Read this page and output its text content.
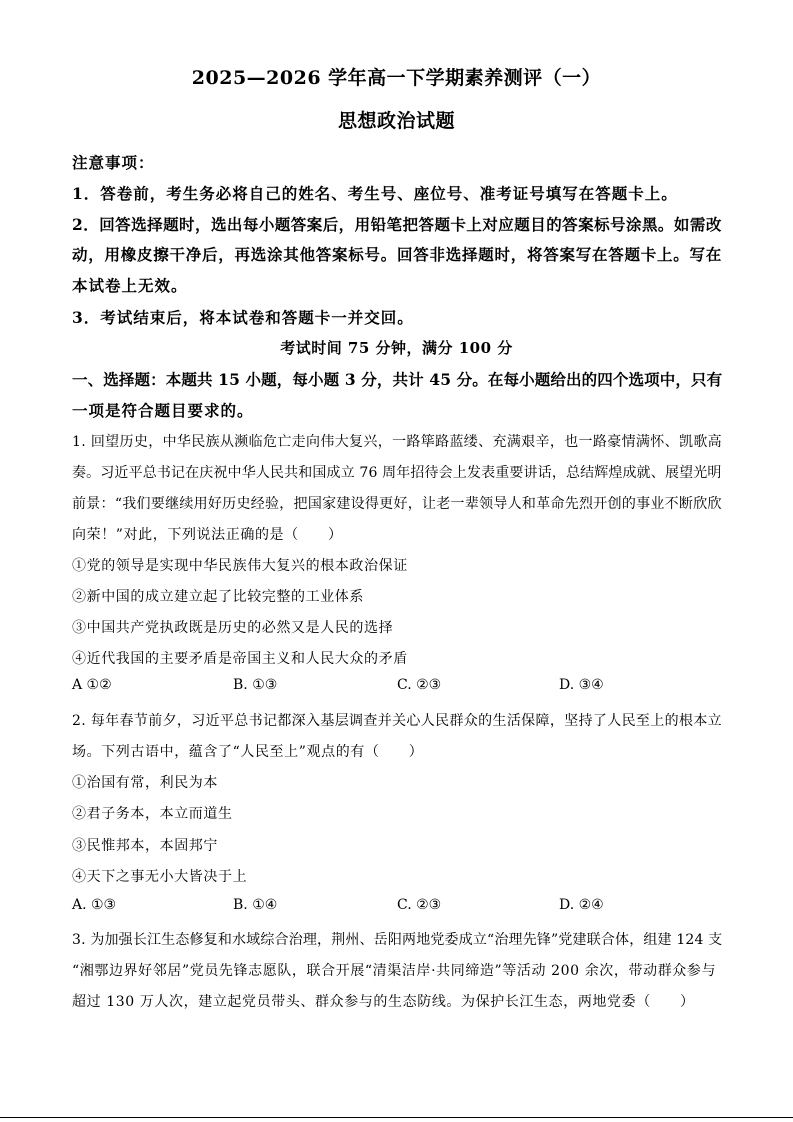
2025—2026 学年高一下学期素养测评（一）
思想政治试题
注意事项：
1．答卷前，考生务必将自己的姓名、考生号、座位号、准考证号填写在答题卡上。
2．回答选择题时，选出每小题答案后，用铅笔把答题卡上对应题目的答案标号涂黑。如需改
动，用橡皮擦干净后，再选涂其他答案标号。回答非选择题时，将答案写在答题卡上。写在
本试卷上无效。
3．考试结束后，将本试卷和答题卡一并交回。
考试时间 75 分钟，满分 100 分
一、选择题：本题共 15 小题，每小题 3 分，共计 45 分。在每小题给出的四个选项中，只有
一项是符合题目要求的。
1. 回望历史，中华民族从濒临危亡走向伟大复兴，一路筚路蓝缕、充满艰辛，也一路豪情满怀、凯歌高
奏。习近平总书记在庆祝中华人民共和国成立 76 周年招待会上发表重要讲话，总结辉煌成就、展望光明
前景：“我们要继续用好历史经验，把国家建设得更好，让老一辈领导人和革命先烈开创的事业不断欣欣
向荣！”对此，下列说法正确的是（　　）
①党的领导是实现中华民族伟大复兴的根本政治保证
②新中国的成立建立起了比较完整的工业体系
③中国共产党执政既是历史的必然又是人民的选择
④近代我国的主要矛盾是帝国主义和人民大众的矛盾
A ①②	B. ①③	C. ②③	D. ③④
2. 每年春节前夕，习近平总书记都深入基层调查并关心人民群众的生活保障，坚持了人民至上的根本立
场。下列古语中，蕴含了“人民至上”观点的有（　　）
①治国有常，利民为本
②君子务本，本立而道生
③民惟邦本，本固邦宁
④天下之事无小大皆决于上
A. ①③	B. ①④	C. ②③	D. ②④
3. 为加强长江生态修复和水域综合治理，荆州、岳阳两地党委成立“治理先锋”党建联合体，组建 124 支
“湘鄂边界好邻居”党员先锋志愿队，联合开展“清渠洁岸·共同缔造”等活动 200 余次，带动群众参与
超过 130 万人次，建立起党员带头、群众参与的生态防线。为保护长江生态，两地党委（　　）
